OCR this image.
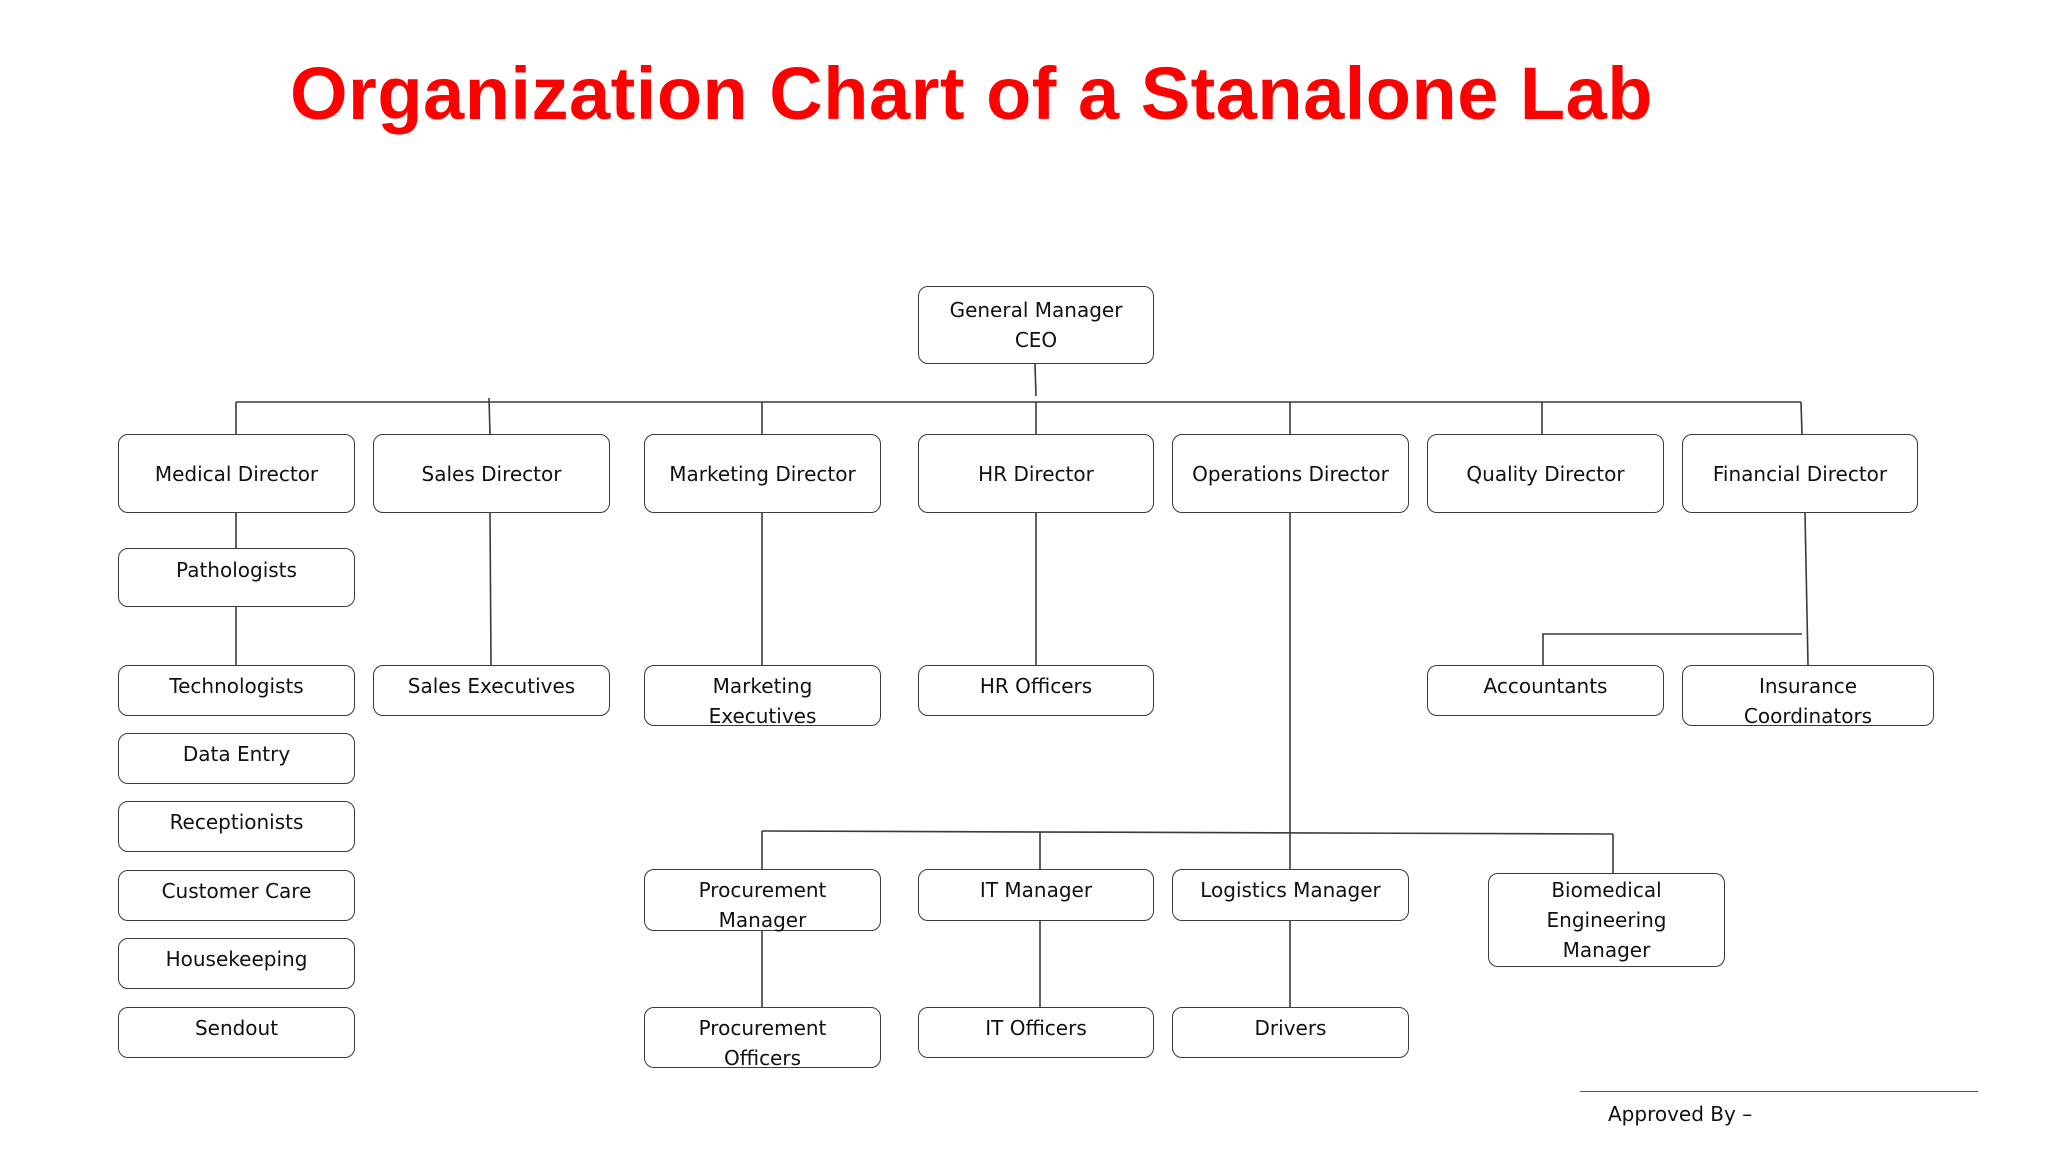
Organization Chart of a Stanalone Lab
General Manager
CEO
Medical Director	Sales Director	Marketing Director	HR Director	Operations Director	Quality Director	Financial Director
Pathologists
Technologists
Data Entry
Receptionists
Customer Care
Housekeeping
Sendout
Sales Executives	Marketing
Executives
HR Officers	Accountants	Insurance
Coordinators
Procurement
Manager
IT Manager	Logistics Manager	Biomedical
Engineering
Manager
Procurement
Officers
IT Officers	Drivers
Approved By –
